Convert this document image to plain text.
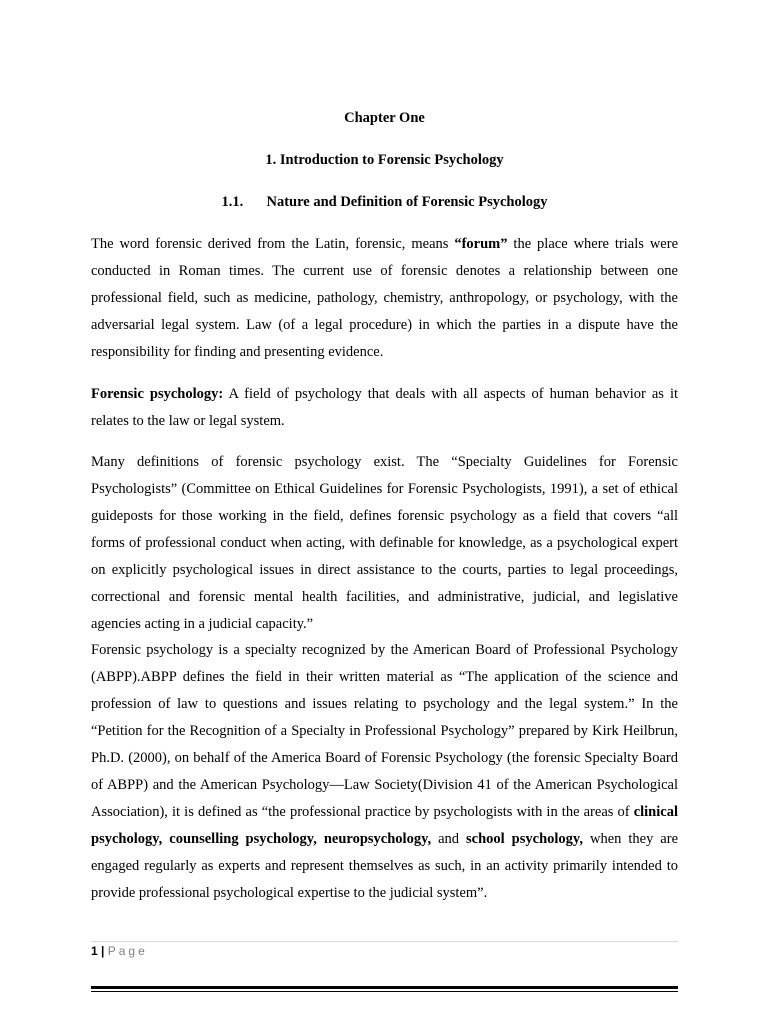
Chapter One
1. Introduction to Forensic Psychology
1.1. Nature and Definition of Forensic Psychology

The word forensic derived from the Latin, forensic, means “forum” the place where trials were conducted in Roman times. The current use of forensic denotes a relationship between one professional field, such as medicine, pathology, chemistry, anthropology, or psychology, with the adversarial legal system. Law (of a legal procedure) in which the parties in a dispute have the responsibility for finding and presenting evidence.

Forensic psychology: A field of psychology that deals with all aspects of human behavior as it relates to the law or legal system.

Many definitions of forensic psychology exist. The “Specialty Guidelines for Forensic Psychologists” (Committee on Ethical Guidelines for Forensic Psychologists, 1991), a set of ethical guideposts for those working in the field, defines forensic psychology as a field that covers “all forms of professional conduct when acting, with definable for knowledge, as a psychological expert on explicitly psychological issues in direct assistance to the courts, parties to legal proceedings, correctional and forensic mental health facilities, and administrative, judicial, and legislative agencies acting in a judicial capacity.”

Forensic psychology is a specialty recognized by the American Board of Professional Psychology (ABPP).ABPP defines the field in their written material as “The application of the science and profession of law to questions and issues relating to psychology and the legal system.” In the “Petition for the Recognition of a Specialty in Professional Psychology” prepared by Kirk Heilbrun, Ph.D. (2000), on behalf of the America Board of Forensic Psychology (the forensic Specialty Board of ABPP) and the American Psychology—Law Society(Division 41 of the American Psychological Association), it is defined as “the professional practice by psychologists with in the areas of clinical psychology, counselling psychology, neuropsychology, and school psychology, when they are engaged regularly as experts and represent themselves as such, in an activity primarily intended to provide professional psychological expertise to the judicial system”.

1 | Page
